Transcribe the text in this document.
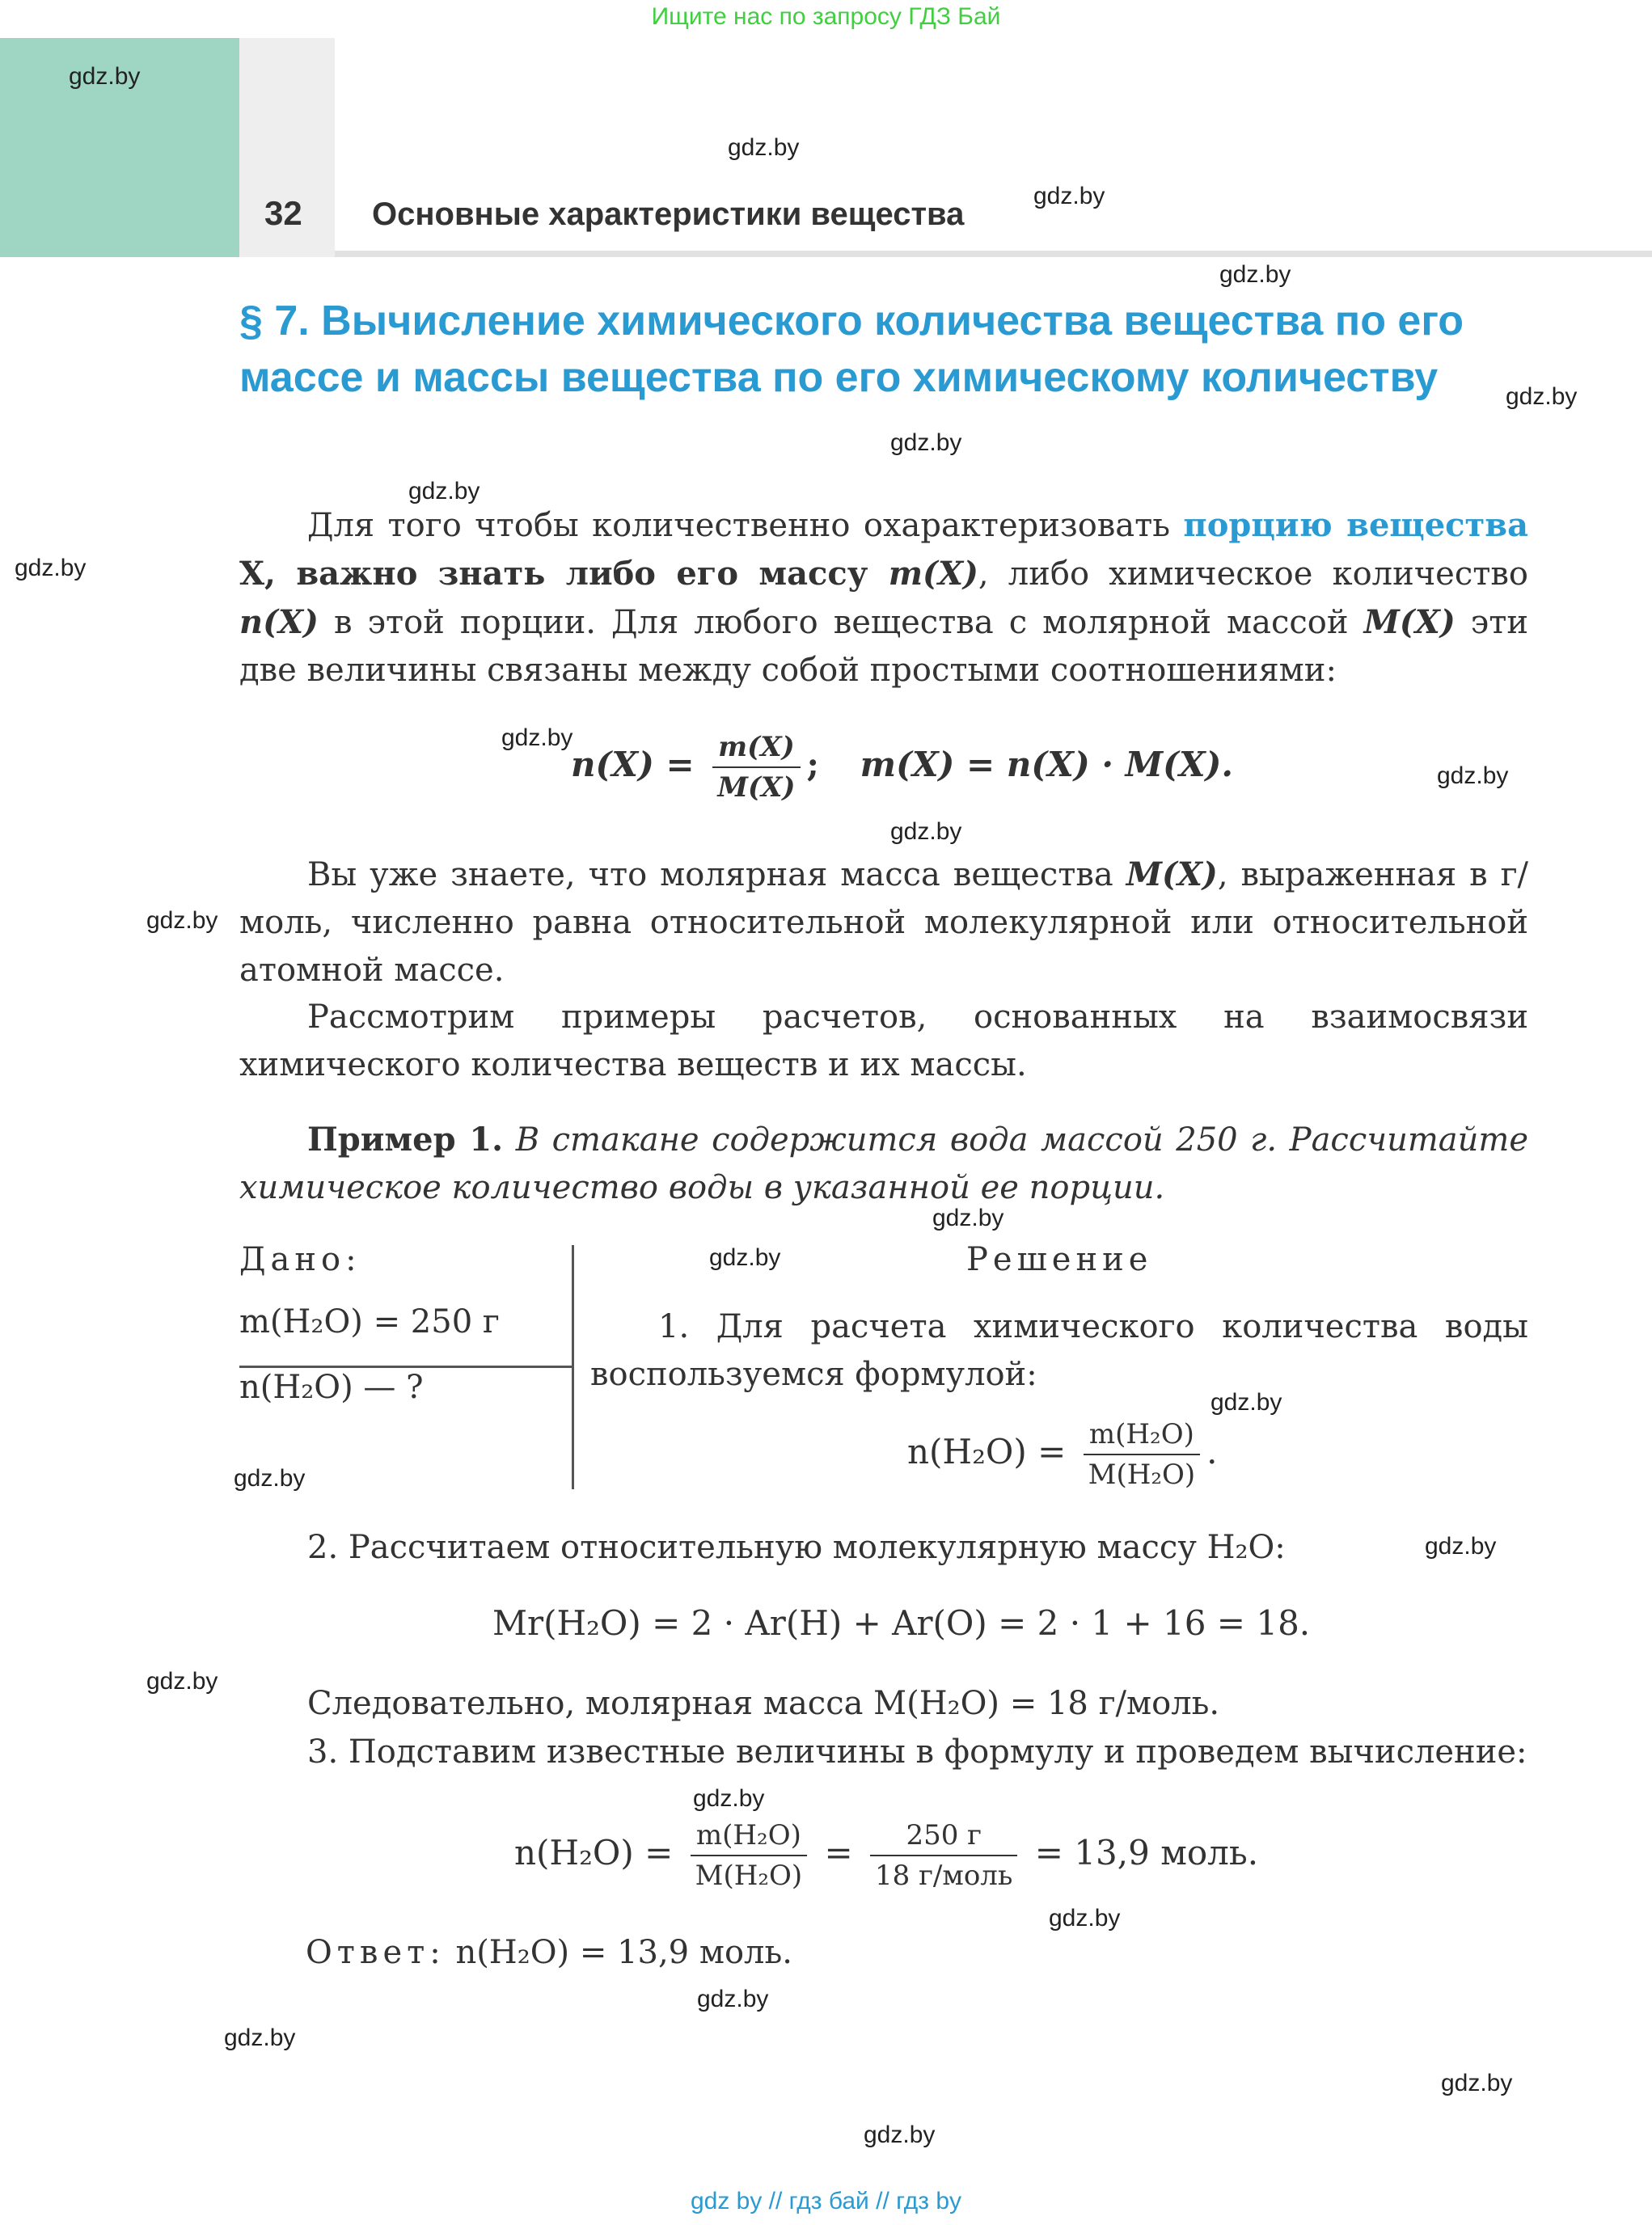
Ищите нас по запросу ГДЗ Бай
32 Основные характеристики вещества
gdz.by
gdz.by
gdz.by
gdz.by
gdz.by
gdz.by
gdz.by
gdz.by
gdz.by
gdz.by
gdz.by
gdz.by
gdz.by
gdz.by
gdz.by
gdz.by
gdz.by
gdz.by
gdz.by
gdz.by
gdz.by
gdz.by
gdz.by
gdz.by
§ 7. Вычисление химического количества вещества по его массе и массы вещества по его химическому количеству

Для того чтобы количественно охарактеризовать порцию вещества X, важно знать либо его массу m(X), либо химическое количество n(X) в этой порции. Для любого вещества с молярной массой M(X) эти две величины связаны между собой простыми соотношениями:

$n(X) = \frac{m(X)}{M(X)}$ ; m(X) = n(X) · M(X).

Вы уже знаете, что молярная масса вещества M(X), выраженная в г/моль, численно равна относительной молекулярной или относительной атомной массе.

Рассмотрим примеры расчетов, основанных на взаимосвязи химического количества веществ и их массы.

Пример 1. В стакане содержится вода массой 250 г. Рассчитайте химическое количество воды в указанной ее порции.

Дано:
m(H₂O) = 250 г
n(H₂O) — ?
Решение

1. Для расчета химического количества воды воспользуемся формулой:

$n(H_2O) = \frac{\text{m(H₂O)}}{\text{M(H₂O)}}$ .

2. Рассчитаем относительную молекулярную массу H₂O:

Mr(H₂O) = 2 · Ar(H) + Ar(O) = 2 · 1 + 16 = 18.

Следовательно, молярная масса M(H₂O) = 18 г/моль.

3. Подставим известные величины в формулу и проведем вычисление:

$n(H_2O) = \frac{\text{m(H₂O)}}{\text{M(H₂O)}} = \frac{250 г}{\text{18 г/моль}} = 13,9$ моль.
Ответ: n(H₂O) = 13,9 моль.
gdz by // гдз бай // гдз by
